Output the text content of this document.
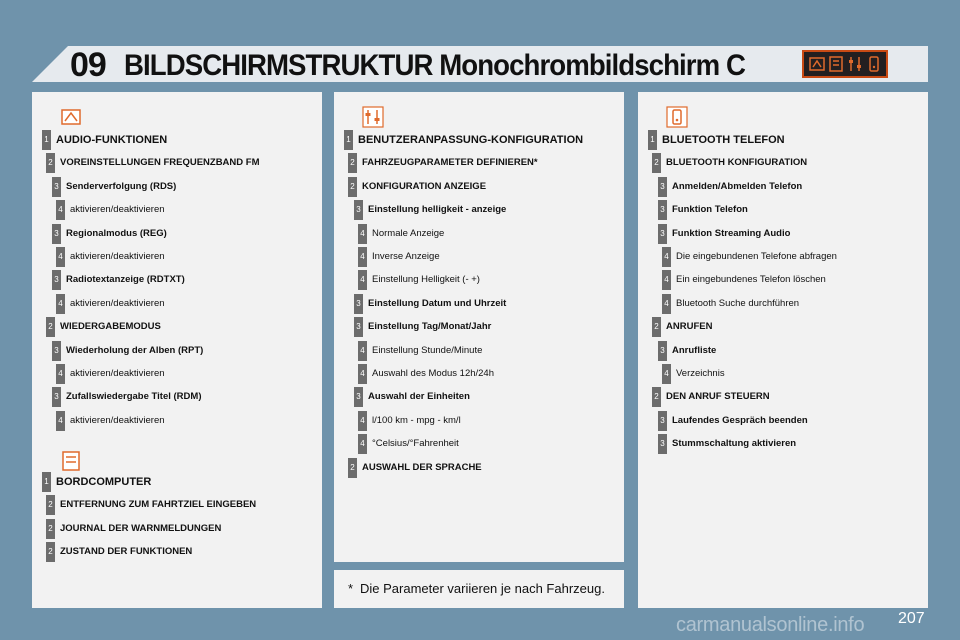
09 BILDSCHIRMSTRUKTUR Monochrombildschirm C
1 AUDIO-FUNKTIONEN
2 VOREINSTELLUNGEN FREQUENZBAND FM
3 Senderverfolgung (RDS)
4 aktivieren/deaktivieren
3 Regionalmodus (REG)
4 aktivieren/deaktivieren
3 Radiotextanzeige (RDTXT)
4 aktivieren/deaktivieren
2 WIEDERGABEMODUS
3 Wiederholung der Alben (RPT)
4 aktivieren/deaktivieren
3 Zufallswiedergabe Titel (RDM)
4 aktivieren/deaktivieren
1 BORDCOMPUTER
2 ENTFERNUNG ZUM FAHRTZIEL EINGEBEN
2 JOURNAL DER WARNMELDUNGEN
2 ZUSTAND DER FUNKTIONEN
1 BENUTZERANPASSUNG-KONFIGURATION
2 FAHRZEUGPARAMETER DEFINIEREN*
2 KONFIGURATION ANZEIGE
3 Einstellung helligkeit - anzeige
4 Normale Anzeige
4 Inverse Anzeige
4 Einstellung Helligkeit (- +)
3 Einstellung Datum und Uhrzeit
3 Einstellung Tag/Monat/Jahr
4 Einstellung Stunde/Minute
4 Auswahl des Modus 12h/24h
3 Auswahl der Einheiten
4 l/100 km - mpg - km/l
4 °Celsius/°Fahrenheit
2 AUSWAHL DER SPRACHE
* Die Parameter variieren je nach Fahrzeug.
1 BLUETOOTH TELEFON
2 BLUETOOTH KONFIGURATION
3 Anmelden/Abmelden Telefon
3 Funktion Telefon
3 Funktion Streaming Audio
4 Die eingebundenen Telefone abfragen
4 Ein eingebundenes Telefon löschen
4 Bluetooth Suche durchführen
2 ANRUFEN
3 Anrufliste
4 Verzeichnis
2 DEN ANRUF STEUERN
3 Laufendes Gespräch beenden
3 Stummschaltung aktivieren
207
carmanualsonline.info
